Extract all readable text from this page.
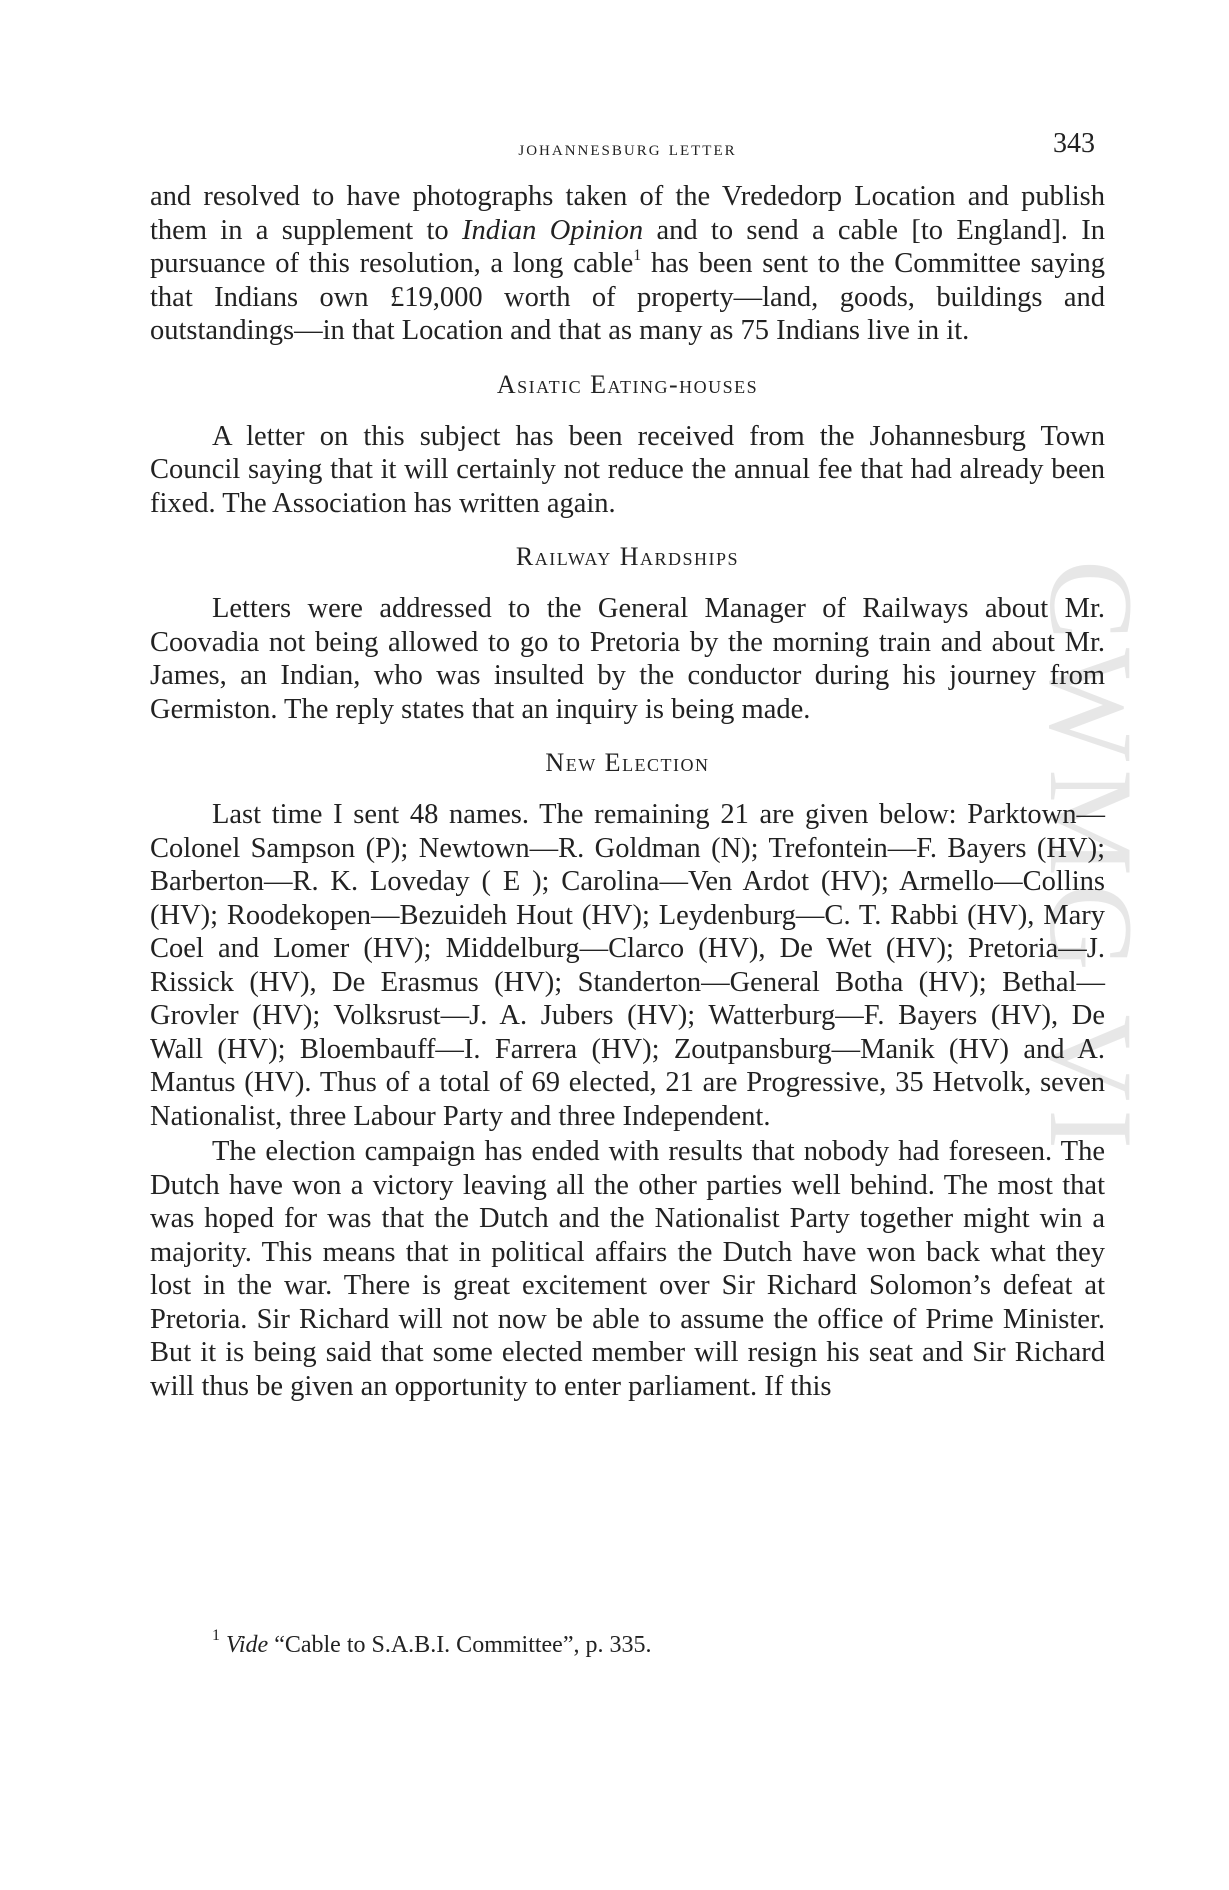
CWMG VI
johannesburg letter	343

and resolved to have photographs taken of the Vrededorp Location and publish them in a supplement to Indian Opinion and to send a cable [to England]. In pursuance of this resolution, a long cable$^1$ has been sent to the Committee saying that Indians own £19,000 worth of property—land, goods, buildings and outstandings—in that Location and that as many as 75 Indians live in it.

Asiatic Eating-houses

A letter on this subject has been received from the Johannesburg Town Council saying that it will certainly not reduce the annual fee that had already been fixed. The Association has written again.

Railway Hardships

Letters were addressed to the General Manager of Railways about Mr. Coovadia not being allowed to go to Pretoria by the morning train and about Mr. James, an Indian, who was insulted by the conductor during his journey from Germiston. The reply states that an inquiry is being made.

New Election

Last time I sent 48 names. The remaining 21 are given below: Parktown—Colonel Sampson (P); Newtown—R. Goldman (N); Trefontein—F. Bayers (HV); Barberton—R. K. Loveday ( E ); Carolina—Ven Ardot (HV); Armello—Collins (HV); Roodekopen—Bezuideh Hout (HV); Leydenburg—C. T. Rabbi (HV), Mary Coel and Lomer (HV); Middelburg—Clarco (HV), De Wet (HV); Pretoria—J. Rissick (HV), De Erasmus (HV); Standerton—General Botha (HV); Bethal—Grovler (HV); Volksrust—J. A. Jubers (HV); Watterburg—F. Bayers (HV), De Wall (HV); Bloembauff—I. Farrera (HV); Zoutpansburg—Manik (HV) and A. Mantus (HV). Thus of a total of 69 elected, 21 are Progressive, 35 Hetvolk, seven Nationalist, three Labour Party and three Independent.

The election campaign has ended with results that nobody had foreseen. The Dutch have won a victory leaving all the other parties well behind. The most that was hoped for was that the Dutch and the Nationalist Party together might win a majority. This means that in political affairs the Dutch have won back what they lost in the war. There is great excitement over Sir Richard Solomon’s defeat at Pretoria. Sir Richard will not now be able to assume the office of Prime Minister. But it is being said that some elected member will resign his seat and Sir Richard will thus be given an opportunity to enter parliament. If this

$^1$ Vide “Cable to S.A.B.I. Committee”, p. 335.
